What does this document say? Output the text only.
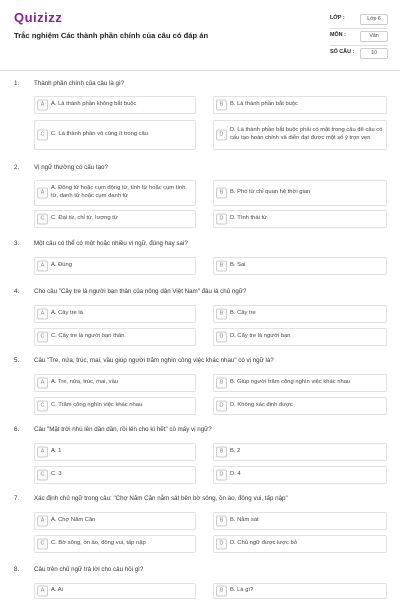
Quizizz
Trắc nghiệm Các thành phần chính của câu có đáp án
LỚP :	Lớp 6
MÔN :	Văn
SỐ CÂU :	10
1. Thành phần chính của câu là gì?
A	A. Là thành phần không bắt buộc	B	B. Là thành phần bắt buộc
C	C. Là thành phần vô cùng ít trong câu	D
D. Là thành phần bắt buộc phải có mặt trong câu để câu có cấu tạo hoàn chỉnh và diễn đạt được một số ý trọn vẹn
2. Vị ngữ thường có cấu tạo?
A
A. Động từ hoặc cụm động từ, tính từ hoặc cụm tính từ, danh từ hoặc cụm danh từ
B	B. Phó từ chỉ quan hệ thời gian
C	C. Đại từ, chỉ từ, lượng từ	D	D. Tình thái từ
3. Một câu có thể có một hoặc nhiều vị ngữ, đúng hay sai?
A	A. Đúng	B	B. Sai
4. Cho câu "Cây tre là người bạn thân của nông dân Việt Nam" đâu là chủ ngữ?
A	A. Cây tre là	B	B. Cây tre
C	C. Cây tre là người bạn thân	D	D. Cây tre là người bạn
5. Câu "Tre, nứa, trúc, mai, vầu giúp người trăm nghìn công việc khác nhau" có vị ngữ là?
A	A. Tre, nứa, trúc, mai, vầu	B	B. Giúp người trăm công nghìn việc khác nhau
C	C. Trăm công nghìn việc khác nhau	D	D. Không xác định được
6. Câu "Mặt trời nhú lên dần dần, rồi lên cho kì hết" có mấy vị ngữ?
A	A. 1	B	B. 2
C	C. 3	D	D. 4
7. Xác định chủ ngữ trong câu: "Chợ Năm Căn nằm sát bên bờ sông, ồn ào, đông vui, tấp nập"
A	A. Chợ Năm Căn	B	B. Nằm sát
C	C. Bờ sông, ồn ào, đông vui, tấp nập	D	D. Chủ ngữ được lược bỏ
8. Câu trên chủ ngữ trả lời cho câu hỏi gì?
A	A. Ai	B	B. Là gì?
